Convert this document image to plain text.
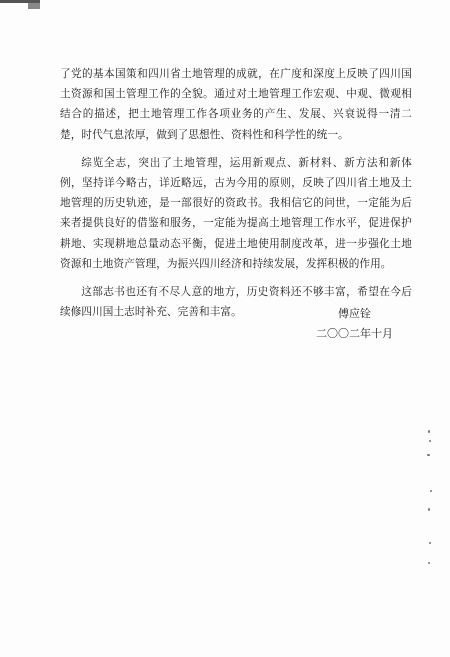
了党的基本国策和四川省土地管理的成就，在广度和深度上反映了四川国土资源和国土管理工作的全貌。通过对土地管理工作宏观、中观、微观相结合的描述，把土地管理工作各项业务的产生、发展、兴衰说得一清二楚，时代气息浓厚，做到了思想性、资料性和科学性的统一。

综览全志，突出了土地管理，运用新观点、新材料、新方法和新体例，坚持详今略古，详近略远，古为今用的原则，反映了四川省土地及土地管理的历史轨迹，是一部很好的资政书。我相信它的问世，一定能为后来者提供良好的借鉴和服务，一定能为提高土地管理工作水平，促进保护耕地、实现耕地总量动态平衡，促进土地使用制度改革，进一步强化土地资源和土地资产管理，为振兴四川经济和持续发展，发挥积极的作用。

这部志书也还有不尽人意的地方，历史资料还不够丰富，希望在今后续修四川国土志时补充、完善和丰富。	傅应铨
二〇〇二年十月
